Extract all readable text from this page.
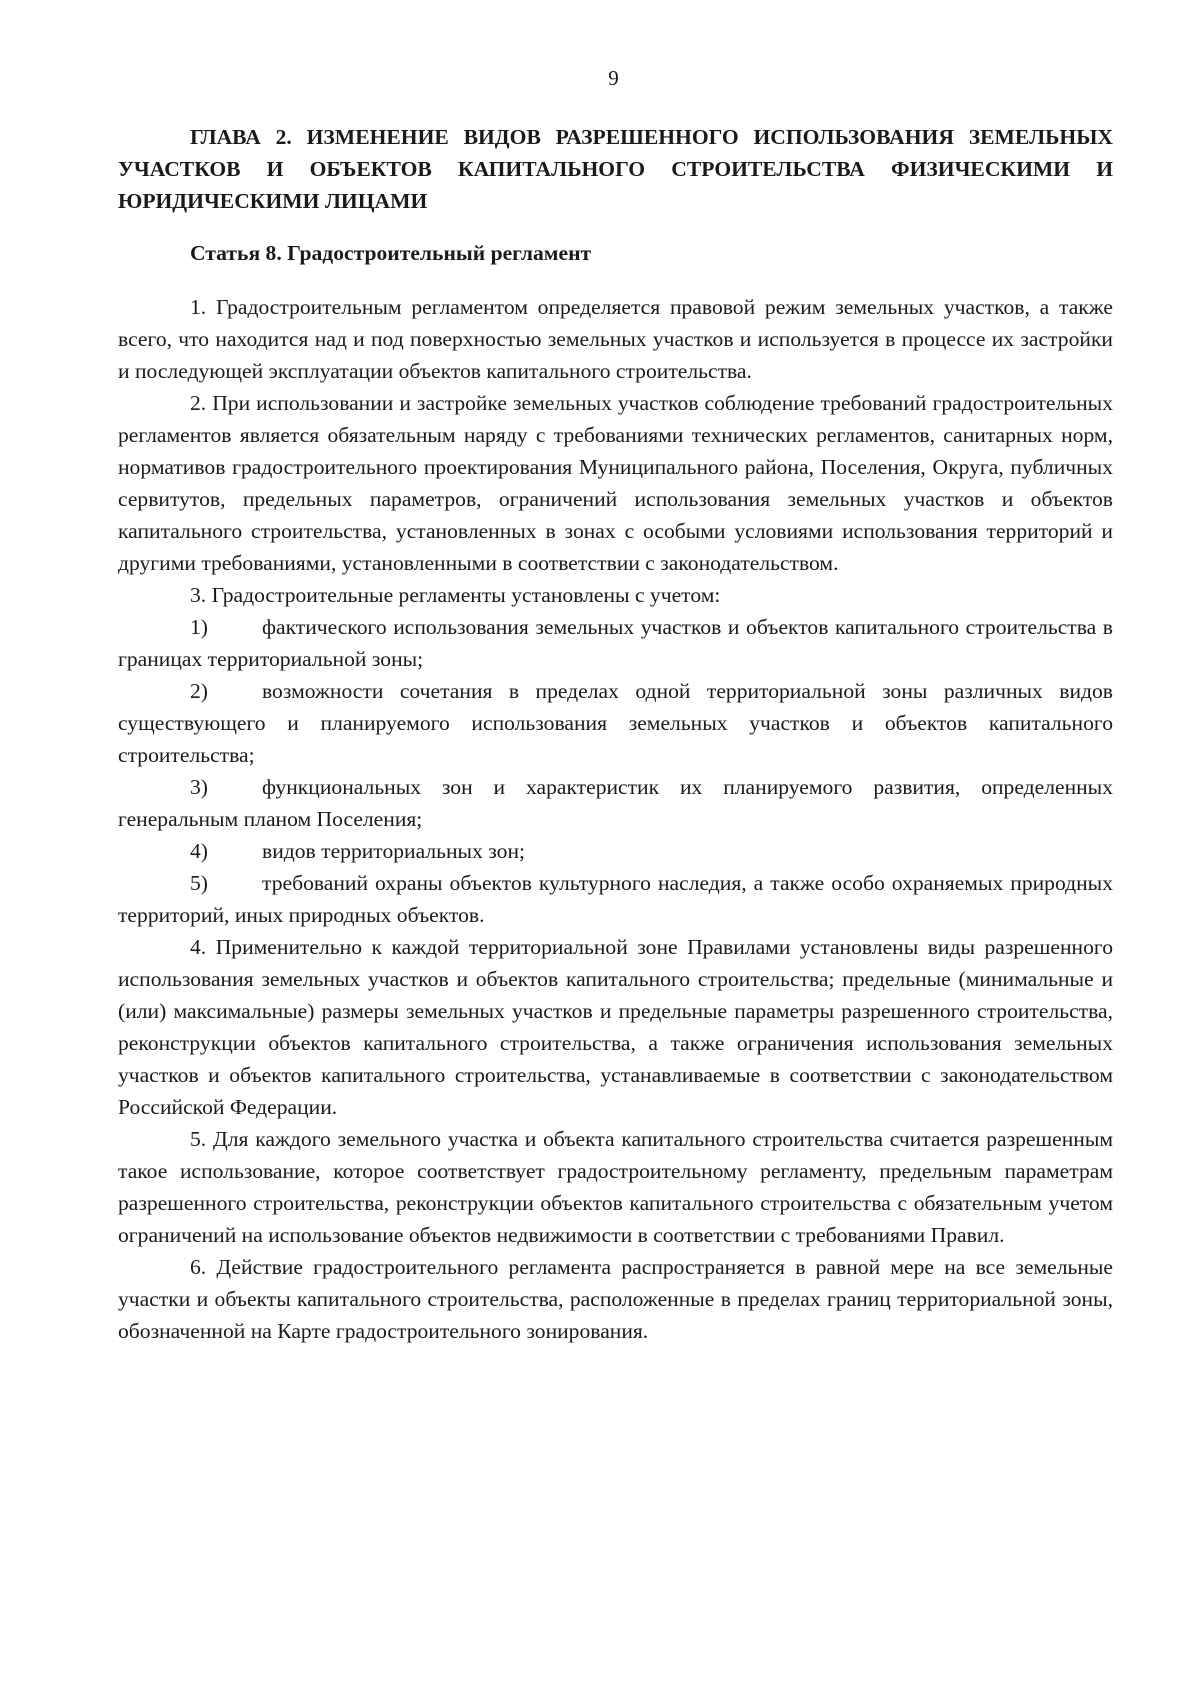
9
ГЛАВА 2. ИЗМЕНЕНИЕ ВИДОВ РАЗРЕШЕННОГО ИСПОЛЬЗОВАНИЯ ЗЕМЕЛЬНЫХ УЧАСТКОВ И ОБЪЕКТОВ КАПИТАЛЬНОГО СТРОИТЕЛЬСТВА ФИЗИЧЕСКИМИ И ЮРИДИЧЕСКИМИ ЛИЦАМИ
Статья 8. Градостроительный регламент

1. Градостроительным регламентом определяется правовой режим земельных участков, а также всего, что находится над и под поверхностью земельных участков и используется в процессе их застройки и последующей эксплуатации объектов капитального строительства.

2. При использовании и застройке земельных участков соблюдение требований градостроительных регламентов является обязательным наряду с требованиями технических регламентов, санитарных норм, нормативов градостроительного проектирования Муниципального района, Поселения, Округа, публичных сервитутов, предельных параметров, ограничений использования земельных участков и объектов капитального строительства, установленных в зонах с особыми условиями использования территорий и другими требованиями, установленными в соответствии с законодательством.

3. Градостроительные регламенты установлены с учетом:

1)	фактического использования земельных участков и объектов капитального строительства в границах территориальной зоны;

2)	возможности сочетания в пределах одной территориальной зоны различных видов существующего и планируемого использования земельных участков и объектов капитального строительства;

3)	функциональных зон и характеристик их планируемого развития, определенных генеральным планом Поселения;

4)	видов территориальных зон;

5)	требований охраны объектов культурного наследия, а также особо охраняемых природных территорий, иных природных объектов.

4. Применительно к каждой территориальной зоне Правилами установлены виды разрешенного использования земельных участков и объектов капитального строительства; предельные (минимальные и (или) максимальные) размеры земельных участков и предельные параметры разрешенного строительства, реконструкции объектов капитального строительства, а также ограничения использования земельных участков и объектов капитального строительства, устанавливаемые в соответствии с законодательством Российской Федерации.

5. Для каждого земельного участка и объекта капитального строительства считается разрешенным такое использование, которое соответствует градостроительному регламенту, предельным параметрам разрешенного строительства, реконструкции объектов капитального строительства с обязательным учетом ограничений на использование объектов недвижимости в соответствии с требованиями Правил.

6. Действие градостроительного регламента распространяется в равной мере на все земельные участки и объекты капитального строительства, расположенные в пределах границ территориальной зоны, обозначенной на Карте градостроительного зонирования.
